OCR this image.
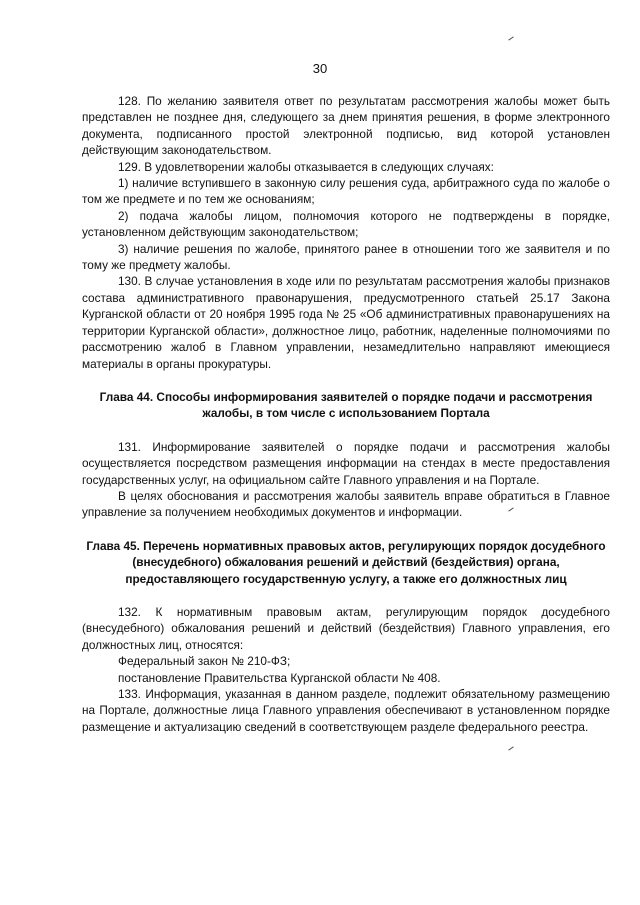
30

128. По желанию заявителя ответ по результатам рассмотрения жалобы может быть представлен не позднее дня, следующего за днем принятия решения, в форме электронного документа, подписанного простой электронной подписью, вид которой установлен действующим законодательством.

129. В удовлетворении жалобы отказывается в следующих случаях:

1) наличие вступившего в законную силу решения суда, арбитражного суда по жалобе о том же предмете и по тем же основаниям;

2) подача жалобы лицом, полномочия которого не подтверждены в порядке, установленном действующим законодательством;

3) наличие решения по жалобе, принятого ранее в отношении того же заявителя и по тому же предмету жалобы.

130. В случае установления в ходе или по результатам рассмотрения жалобы признаков состава административного правонарушения, предусмотренного статьей 25.17 Закона Курганской области от 20 ноября 1995 года № 25 «Об административных правонарушениях на территории Курганской области», должностное лицо, работник, наделенные полномочиями по рассмотрению жалоб в Главном управлении, незамедлительно направляют имеющиеся материалы в органы прокуратуры.

Глава 44. Способы информирования заявителей о порядке подачи и рассмотрения жалобы, в том числе с использованием Портала

131. Информирование заявителей о порядке подачи и рассмотрения жалобы осуществляется посредством размещения информации на стендах в месте предоставления государственных услуг, на официальном сайте Главного управления и на Портале.

В целях обоснования и рассмотрения жалобы заявитель вправе обратиться в Главное управление за получением необходимых документов и информации.

Глава 45. Перечень нормативных правовых актов, регулирующих порядок досудебного (внесудебного) обжалования решений и действий (бездействия) органа, предоставляющего государственную услугу, а также его должностных лиц

132. К нормативным правовым актам, регулирующим порядок досудебного (внесудебного) обжалования решений и действий (бездействия) Главного управления, его должностных лиц, относятся:

Федеральный закон № 210-ФЗ;

постановление Правительства Курганской области № 408.

133. Информация, указанная в данном разделе, подлежит обязательному размещению на Портале, должностные лица Главного управления обеспечивают в установленном порядке размещение и актуализацию сведений в соответствующем разделе федерального реестра.
